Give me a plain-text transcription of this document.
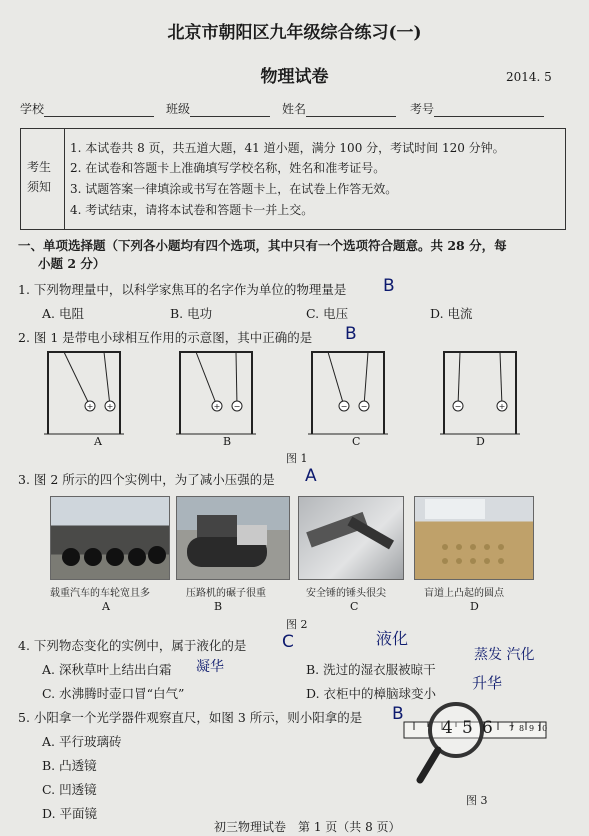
北京市朝阳区九年级综合练习(一)
物理试卷	2014. 5
学校	班级	姓名	考号
考生
须知
1. 本试卷共 8 页，共五道大题，41 道小题，满分 100 分，考试时间 120 分钟。
2. 在试卷和答题卡上准确填写学校名称，姓名和准考证号。
3. 试题答案一律填涂或书写在答题卡上，在试卷上作答无效。
4. 考试结束，请将本试卷和答题卡一并上交。
一、单项选择题（下列各小题均有四个选项，其中只有一个选项符合题意。共 28 分，每
小题 2 分）
1. 下列物理量中，以科学家焦耳的名字作为单位的物理量是 B
A. 电阻	B. 电功	C. 电压	D. 电流
2. 图 1 是带电小球相互作用的示意图，其中正确的是 B
+ +	+ −	− −	−	+
A	B	C	D
图 1
3. 图 2 所示的四个实例中，为了减小压强的是 A
载重汽车的车轮宽且多	压路机的碾子很重	安全锤的锤头很尖	盲道上凸起的圆点
A	B	C	D
图 2
4. 下列物态变化的实例中，属于液化的是 C	液化
A. 深秋草叶上结出白霜 凝华	B. 洗过的湿衣服被晾干
蒸发 汽化
C. 水沸腾时壶口冒“白气”	D. 衣柜中的樟脑球变小
升华
5. 小阳拿一个光学器件观察直尺，如图 3 所示，则小阳拿的是 B
A. 平行玻璃砖
B. 凸透镜
C. 凹透镜
D. 平面镜
4 5 6 7 8 9 10
图 3
初三物理试卷　第 1 页（共 8 页）
